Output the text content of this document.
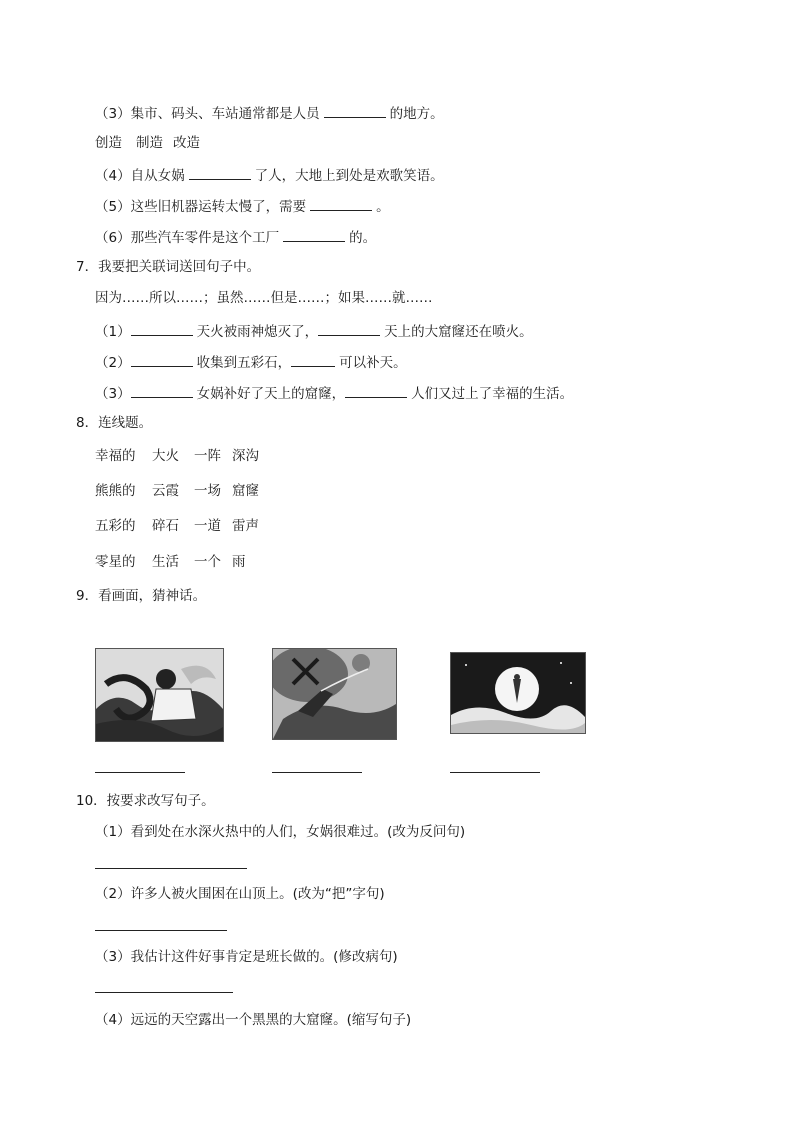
（3）集市、码头、车站通常都是人员	的地方。
创造 制造 改造
（4）自从女娲	了人，大地上到处是欢歌笑语。
（5）这些旧机器运转太慢了，需要	。
（6）那些汽车零件是这个工厂	的。
7．我要把关联词送回句子中。
因为……所以……；虽然……但是……；如果……就……
（1）	天火被雨神熄灭了，	天上的大窟窿还在喷火。
（2）	收集到五彩石，	可以补天。
（3）	女娲补好了天上的窟窿，	人们又过上了幸福的生活。
8．连线题。
幸福的 大火 一阵 深沟
熊熊的 云霞 一场 窟窿
五彩的 碎石 一道 雷声
零星的 生活 一个 雨
9．看画面，猜神话。
10．按要求改写句子。
（1）看到处在水深火热中的人们，女娲很难过。(改为反问句)
（2）许多人被火围困在山顶上。(改为“把”字句)
（3）我估计这件好事肯定是班长做的。(修改病句)
（4）远远的天空露出一个黑黑的大窟窿。(缩写句子)
